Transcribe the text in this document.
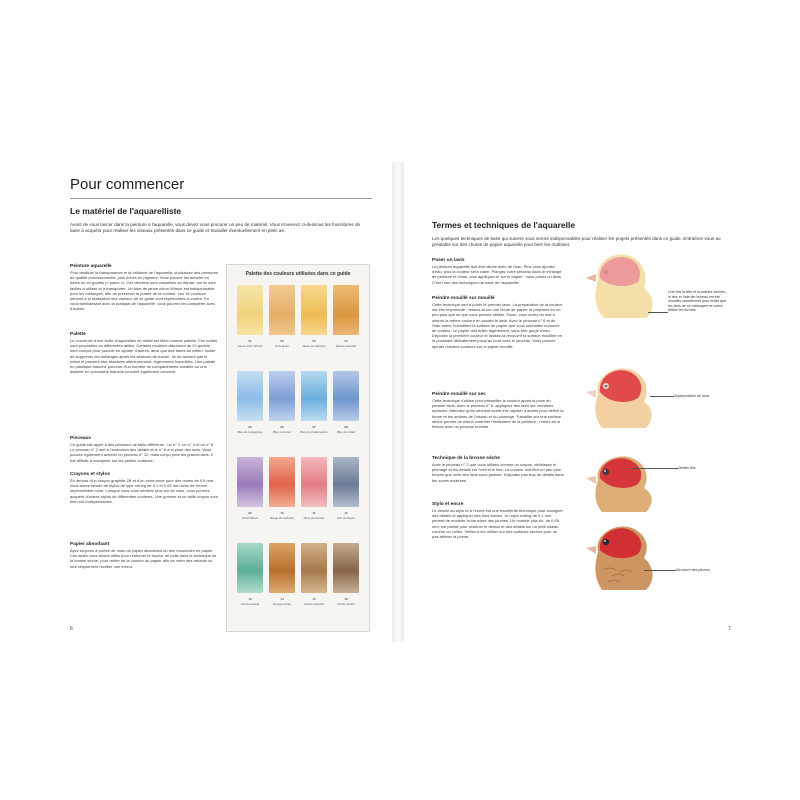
Pour commencer
Le matériel de l'aquarelliste

Avant de vous lancer dans la peinture à l'aquarelle, vous devez vous procurer un peu de matériel. Vous trouverez ci-dessous les fournitures de base à acquérir pour réaliser les oiseaux présentés dans ce guide et travailler éventuellement en plein air.

Peinture aquarelle

Pour restituer la transparence et la brillance de l'aquarelle, choisissez des peintures de qualité professionnelle, plus riches en pigment. Vous pouvez les acheter en tubes ou en godets (« pains »). Ces derniers sont conseillés au départ, car ils sont faciles à utiliser et à transporter. Un tube de jaune citron Winsor est indispensable pour les mélanges, afin de préserver la pureté de la couleur. Les 16 couleurs servant à la réalisation des oiseaux de ce guide sont répertoriées ci-contre. En vous familiarisant avec la pratique de l'aquarelle, vous pourrez les compléter avec d'autres.

Palette

Le couvercle d'une boîte d'aquarelles en métal est idéal comme palette. Ces boîtes sont proposées en différentes tailles. Certains modèles disposent de 24 godets sont conçus pour pouvoir en ajouter d'autres, ainsi que des tubes au milieu. Inutile de supprimer les mélanges après les séances de travail : ils ne tachent pas le métal et peuvent être réactivés ultérieurement, légèrement humidifiés. Une palette en plastique blanche pourvue d'un nombre de compartiments variable ou une assiette en porcelaine blanche peuvent également convenir.

Pinceaux

Ce guide fait appel à des pinceaux de taille différente : un n° 2, un n° 4 et un n° 6. Le pinceau n° 2 sert à l'exécution des détails et le n° 6 à la pose des lavis. Vous pouvez également acheter un pinceau n° 10, mais conçu pour les grands lavis, il est difficile à manipuler sur les petites surfaces.

Crayons et stylos

En dehors d'un crayon graphite 2B et d'un porte-mine pour des mines de 0,5 mm, vous aurez besoin de stylos de type rotring de 0,1 et 0,05 mm avec de l'encre imperméable noire. Lorsque vous vous sentirez plus sûr de vous, vous pourrez acquérir d'autres stylos de différentes couleurs. Une gomme et un taille-crayon sont bien sûr indispensables.

Papier absorbant

Ayez toujours à portée de main du papier absorbant ou des mouchoirs en papier. Ces aides vous seront utiles pour renforcer le touche de poils dans la technique de la brosse sèche, pour retirer de la couleur du papier afin de créer des rehauts ou tout simplement rectifier une erreur.

Palette des couleurs utilisées dans ce guide

01	02	03	04
Jaune citron Winsor	Ocre jaune	Jaune de cadmium	Sienne naturelle
05	06	07	08
Bleu de manganèse	Bleu outremer	Bleu de phtalocyanine	Bleu de cobalt
09	10	11	12
Violet Winsor	Rouge de cadmium	Rose permanent	Gris de Payne
13	14	15	16
Vert émeraude	Orange brûlée	Ombre naturelle	Ombre brûlée
6
Termes et techniques de l'aquarelle

Les quelques techniques de base qui suivent vous seront indispensables pour réaliser les projets présentés dans ce guide. Entraînez-vous au préalable sur des chutes de papier aquarelle pour bien les maîtriser.

Poser un lavis

La peinture aquarelle doit être diluée avec de l'eau. Plus vous ajoutez d'eau, plus la couleur sera claire. Plongez votre pinceau dans le mélange de peinture et d'eau, puis appliquez-le sur le papier : vous posez un lavis. C'est l'une des techniques de base de l'aquarelle.

Peindre mouillé sur mouillé

Cette technique sert à poser le premier lavis. La préparation de la couleur est très importante : ressez-la sur une chute de papier et préparez-en un peu plus que ce que vous pensez utiliser. Sinon, vous aurez du mal à obtenir la même couleur en posant le lavis. Avec le pinceau n° 6 et de l'eau claire, humidifiez la surface du papier que vous souhaitez recouvrir de couleur. Le papier doit briller légèrement, sans être gorgé d'eau. Déposez la première couleur et laissez-la recouvrir la surface mouillée en la poussant délicatement jusqu'au bord avec le pinceau. Vous pouvez ajouter d'autres couleurs sur le papier mouillé.

Peindre mouillé sur sec

Cette technique s'utilise pour intensifier la couleur après la pose du premier lavis. Avec le pinceau n° 6, appliquez des lavis sur certaines surfaces. Attendez qu'ils sèchent avant d'en ajouter d'autres pour définir la forme et les ombres de l'oiseau et du plumage. Travailler sur une surface sèche permet de mieux contrôler l'étalement de la peinture ; retirez-en si besoin avec un pinceau humide.

Technique de la brosse sèche

Avec le pinceau n° 2 que vous utilisez comme un crayon, définissez le plumage et les détails sur l'oeil et le bec. La couleur doit être un peu plus foncée que celle des lavis sous-jacents. N'ajoutez pas trop de détails dans les zones éclairées.

Stylo et encre

Le dessin au stylo et à l'encre est une excellente technique pour souligner des détails et appliquer des tons foncés. Un stylo rotring de 0,1 mm permet de modeler la structure des plumes. Un modèle plus fin, de 0,05 mm, est parfait pour restituer le dessin et des détails sur un petit oiseau comme un colibri. Veillez à les utiliser sur des surfaces sèches pour ne pas abîmer la pointe.

Une fois la tête et la poitrine sèches, le dos et l'aile de l'oiseau ont été mouillés séparément pour éviter que les lavis ne se mélangent et mieux définir les formes.
Superposition de lavis
Détails fins
Structure des plumes
7
